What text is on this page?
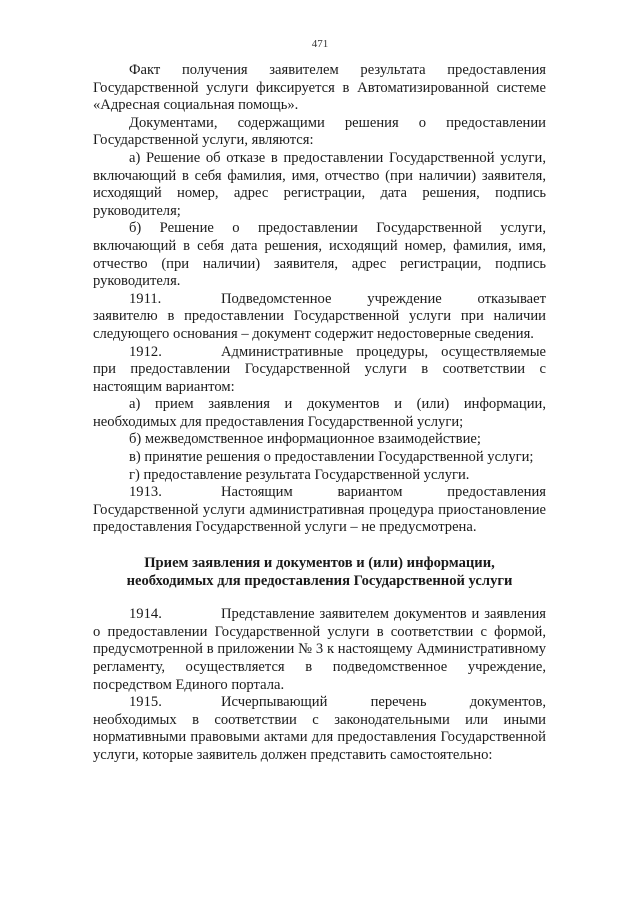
471

Факт получения заявителем результата предоставления Государственной услуги фиксируется в Автоматизированной системе «Адресная социальная помощь».

Документами, содержащими решения о предоставлении Государственной услуги, являются:

а) Решение об отказе в предоставлении Государственной услуги, включающий в себя фамилия, имя, отчество (при наличии) заявителя, исходящий номер, адрес регистрации, дата решения, подпись руководителя;

б) Решение о предоставлении Государственной услуги, включающий в себя дата решения, исходящий номер, фамилия, имя, отчество (при наличии) заявителя, адрес регистрации, подпись руководителя.

1911.	Подведомстенное учреждение отказывает заявителю в предоставлении Государственной услуги при наличии следующего основания – документ содержит недостоверные сведения.

1912.	Административные процедуры, осуществляемые при предоставлении Государственной услуги в соответствии с настоящим вариантом:

а) прием заявления и документов и (или) информации, необходимых для предоставления Государственной услуги;

б) межведомственное информационное взаимодействие;

в) принятие решения о предоставлении Государственной услуги;

г) предоставление результата Государственной услуги.

1913.	Настоящим вариантом предоставления Государственной услуги административная процедура приостановление предоставления Государственной услуги – не предусмотрена.

Прием заявления и документов и (или) информации,
необходимых для предоставления Государственной услуги

1914.	Представление заявителем документов и заявления о предоставлении Государственной услуги в соответствии с формой, предусмотренной в приложении № 3 к настоящему Административному регламенту, осуществляется в подведомственное учреждение, посредством Единого портала.

1915.	Исчерпывающий перечень документов, необходимых в соответствии с законодательными или иными нормативными правовыми актами для предоставления Государственной услуги, которые заявитель должен представить самостоятельно:
